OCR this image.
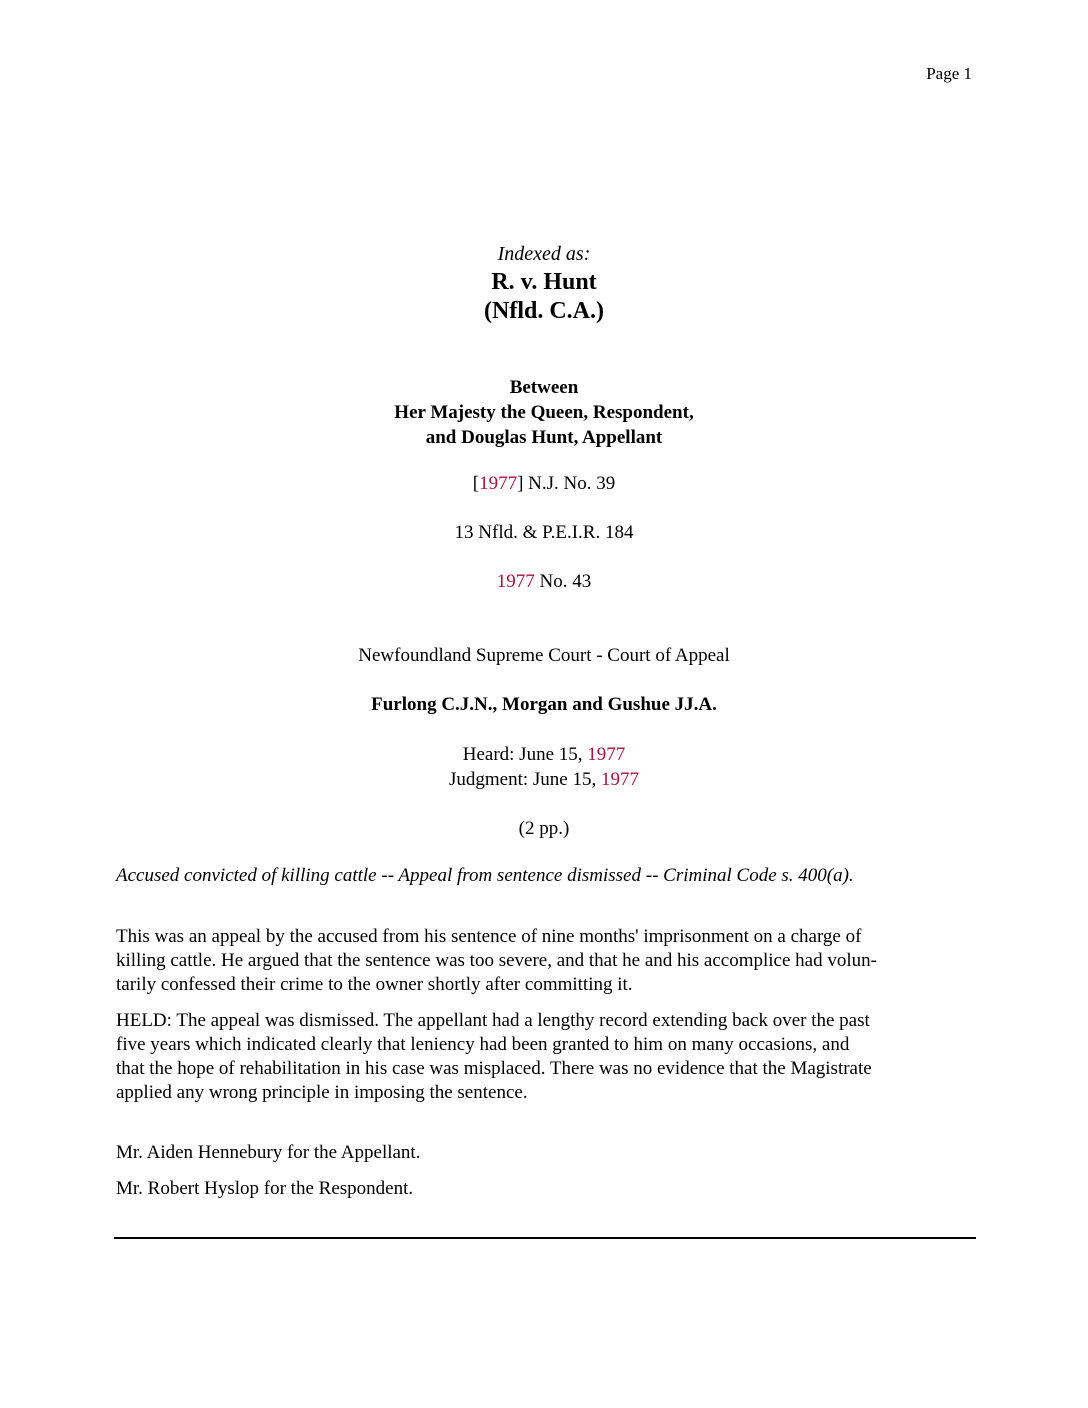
Page 1
Indexed as:
R. v. Hunt
(Nfld. C.A.)
Between
Her Majesty the Queen, Respondent,
and Douglas Hunt, Appellant
[1977] N.J. No. 39
13 Nfld. & P.E.I.R. 184
1977 No. 43
Newfoundland Supreme Court - Court of Appeal
Furlong C.J.N., Morgan and Gushue JJ.A.
Heard: June 15, 1977
Judgment: June 15, 1977
(2 pp.)
Accused convicted of killing cattle -- Appeal from sentence dismissed -- Criminal Code s. 400(a).
This was an appeal by the accused from his sentence of nine months' imprisonment on a charge of
killing cattle. He argued that the sentence was too severe, and that he and his accomplice had volun-
tarily confessed their crime to the owner shortly after committing it.
HELD: The appeal was dismissed. The appellant had a lengthy record extending back over the past
five years which indicated clearly that leniency had been granted to him on many occasions, and
that the hope of rehabilitation in his case was misplaced. There was no evidence that the Magistrate
applied any wrong principle in imposing the sentence.
Mr. Aiden Hennebury for the Appellant.
Mr. Robert Hyslop for the Respondent.
